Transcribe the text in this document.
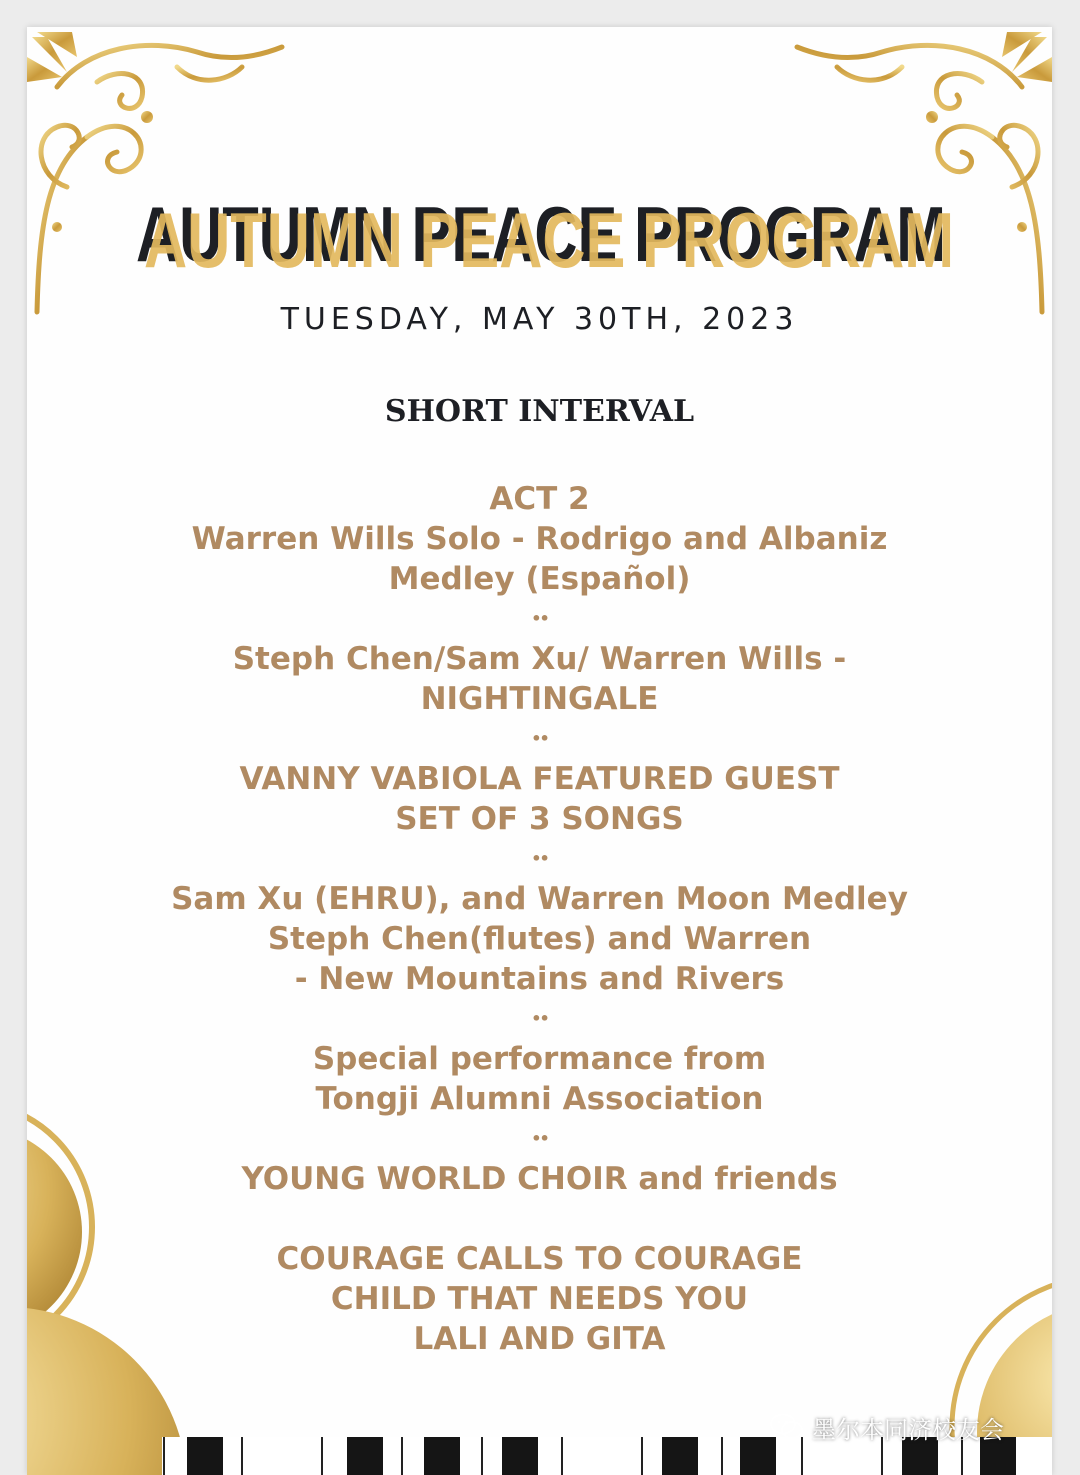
AUTUMN PEACE PROGRAM
AUTUMN PEACE PROGRAM
TUESDAY, MAY 30TH, 2023
SHORT INTERVAL
ACT 2
Warren Wills Solo - Rodrigo and Albaniz
Medley (Español)
••
Steph Chen/Sam Xu/ Warren Wills -
NIGHTINGALE
••
VANNY VABIOLA FEATURED GUEST
SET OF 3 SONGS
••
Sam Xu (EHRU), and Warren Moon Medley
Steph Chen(flutes) and Warren
- New Mountains and Rivers
••
Special performance from
Tongji Alumni Association
••
YOUNG WORLD CHOIR and friends
COURAGE CALLS TO COURAGE
CHILD THAT NEEDS YOU
LALI AND GITA
墨尔本同济校友会
